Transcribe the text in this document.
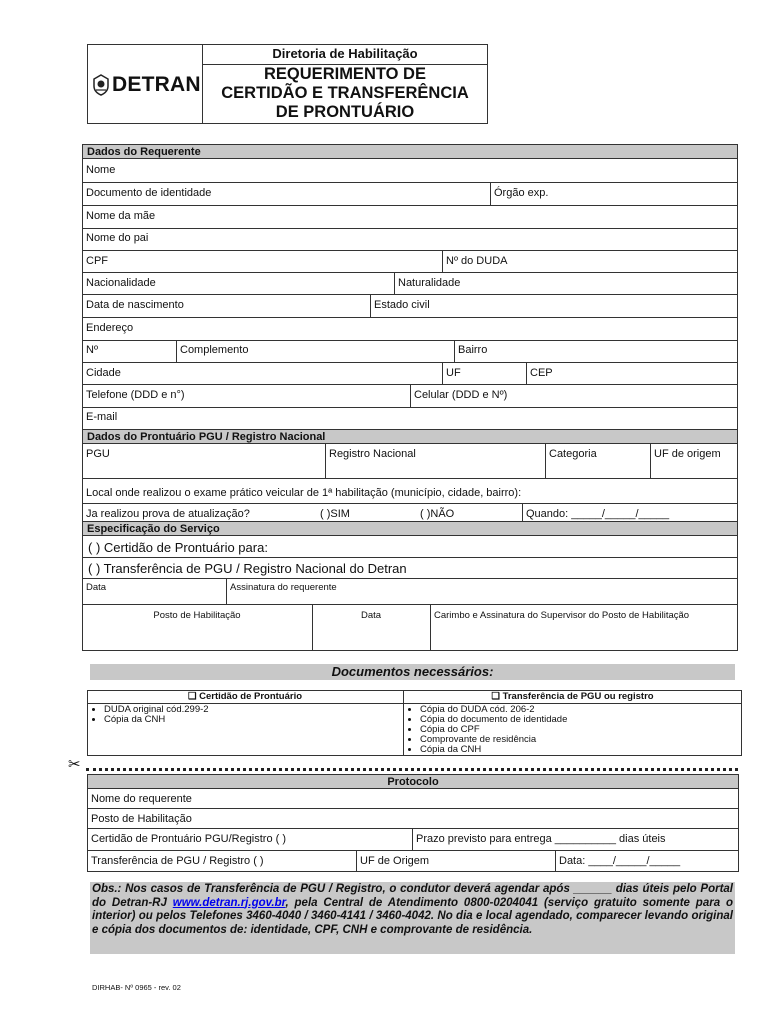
DETRAN
Diretoria de Habilitação
REQUERIMENTO DE
CERTIDÃO E TRANSFERÊNCIA
DE PRONTUÁRIO
Dados do Requerente
Nome
Documento de identidade	Órgão exp.
Nome da mãe
Nome do pai
CPF	Nº do DUDA
Nacionalidade	Naturalidade
Data de nascimento	Estado civil
Endereço
Nº	Complemento	Bairro
Cidade	UF	CEP
Telefone (DDD e n°)	Celular (DDD e Nº)
E-mail
Dados do Prontuário PGU / Registro Nacional
PGU	Registro Nacional	Categoria	UF de origem
Local onde realizou o exame prático veicular de 1ª habilitação (município, cidade, bairro):
Ja realizou prova de atualização?	( )SIM	( )NÃO	Quando: _____/_____/_____
Especificação do Serviço
( ) Certidão de Prontuário para:
( ) Transferência de PGU / Registro Nacional do Detran
Data	Assinatura do requerente
Posto de Habilitação	Data	Carimbo e Assinatura do Supervisor do Posto de Habilitação
Documentos necessários:
❑ Certidão de Prontuário	❑ Transferência de PGU ou registro
• DUDA original cód.299-2
• Cópia da CNH
• Cópia do DUDA cód. 206-2
• Cópia do documento de identidade
• Cópia do CPF
• Comprovante de residência
• Cópia da CNH
✂
Protocolo
Nome do requerente
Posto de Habilitação
Certidão de Prontuário PGU/Registro ( )	Prazo previsto para entrega __________ dias úteis
Transferência de PGU / Registro ( )	UF de Origem	Data: ____/_____/_____
Obs.: Nos casos de Transferência de PGU / Registro, o condutor deverá agendar após ______ dias úteis pelo Portal do Detran-RJ www.detran.rj.gov.br, pela Central de Atendimento 0800-0204041 (serviço gratuito somente para o interior) ou pelos Telefones 3460-4040 / 3460-4141 / 3460-4042. No dia e local agendado, comparecer levando original e cópia dos documentos de: identidade, CPF, CNH e comprovante de residência.
DIRHAB- Nº 0965 - rev. 02
